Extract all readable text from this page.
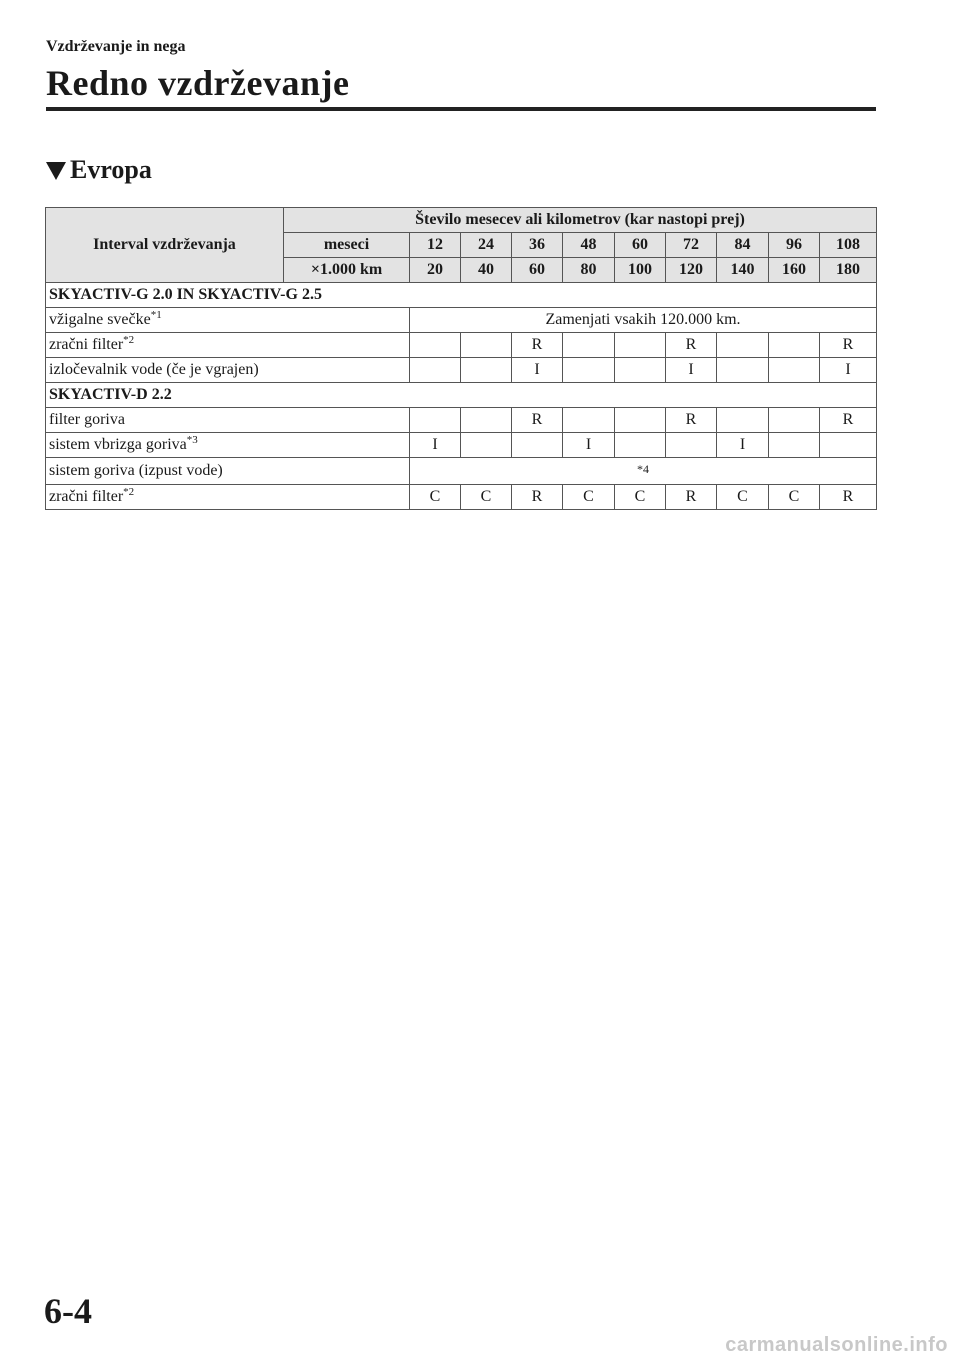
Vzdrževanje in nega
Redno vzdrževanje
Evropa
Interval vzdrževanja	Število mesecev ali kilometrov (kar nastopi prej)									
	meseci	12	24	36	48	60	72	84	96	108
	×1.000 km	20	40	60	80	100	120	140	160	180
SKYACTIV-G 2.0 IN SKYACTIV-G 2.5										
vžigalne svečke$^{*1}$		Zamenjati vsakih 120.000 km.								
zračni filter$^{*2}$				R			R			R
izločevalnik vode (če je vgrajen)				I			I			I
SKYACTIV-D 2.2										
filter goriva				R			R			R
sistem vbrizga goriva$^{*3}$		I			I			I		
sistem goriva (izpust vode)		$^{*4}$
zračni filter$^{*2}$		C	C	R	C	C	R	C	C	R
6-4
carmanualsonline.info
